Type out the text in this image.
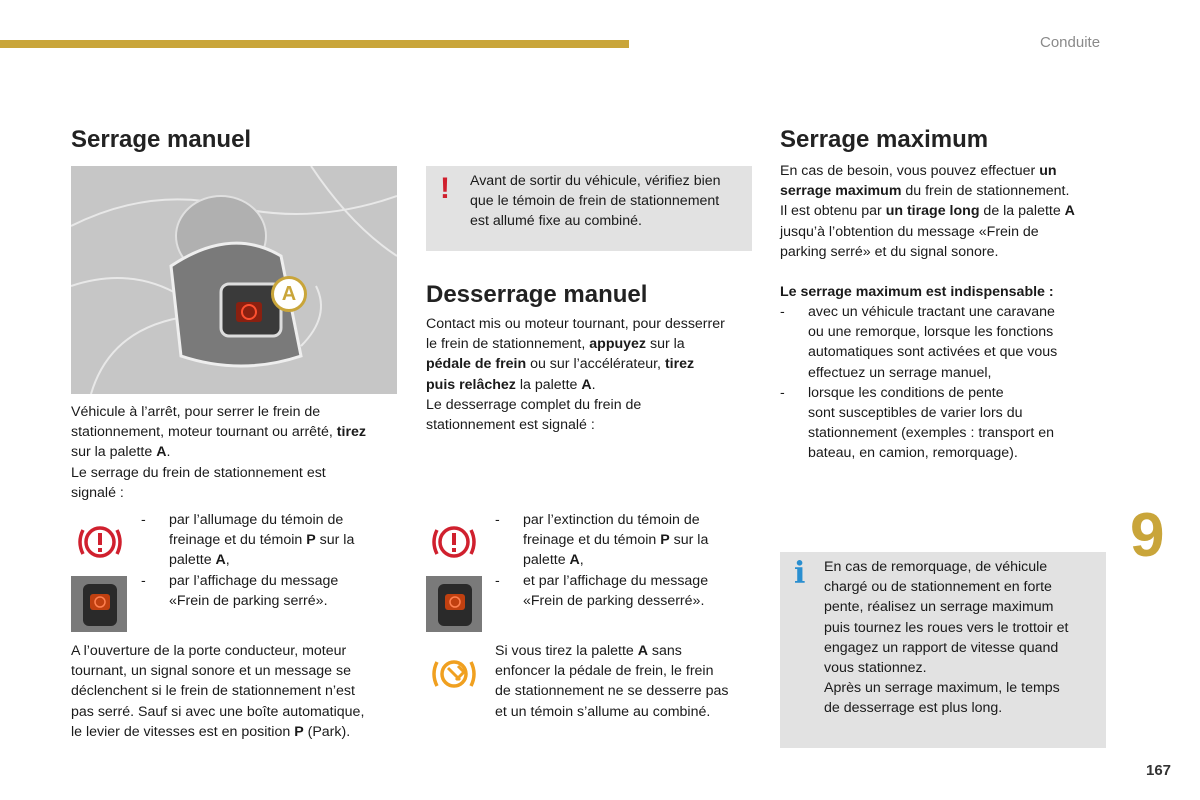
Conduite
Serrage manuel
A
Véhicule à l’arrêt, pour serrer le frein de
stationnement, moteur tournant ou arrêté, tirez
sur la palette A.
Le serrage du frein de stationnement est
signalé :
- par l’allumage du témoin de
freinage et du témoin P sur la
palette A,
- par l’affichage du message
«Frein de parking serré».
A l’ouverture de la porte conducteur, moteur
tournant, un signal sonore et un message se
déclenchent si le frein de stationnement n’est
pas serré. Sauf si avec une boîte automatique,
le levier de vitesses est en position P (Park).
! Avant de sortir du véhicule, vérifiez bien
que le témoin de frein de stationnement
est allumé fixe au combiné.
Desserrage manuel
Contact mis ou moteur tournant, pour desserrer
le frein de stationnement, appuyez sur la
pédale de frein ou sur l’accélérateur, tirez
puis relâchez la palette A.
Le desserrage complet du frein de
stationnement est signalé :
- par l’extinction du témoin de
freinage et du témoin P sur la
palette A,
- et par l’affichage du message
«Frein de parking desserré».
Si vous tirez la palette A sans
enfoncer la pédale de frein, le frein
de stationnement ne se desserre pas
et un témoin s’allume au combiné.
Serrage maximum
En cas de besoin, vous pouvez effectuer un
serrage maximum du frein de stationnement.
Il est obtenu par un tirage long de la palette A
jusqu’à l’obtention du message «Frein de
parking serré» et du signal sonore.
Le serrage maximum est indispensable :
- avec un véhicule tractant une caravane
ou une remorque, lorsque les fonctions
automatiques sont activées et que vous
effectuez un serrage manuel,
- lorsque les conditions de pente
sont susceptibles de varier lors du
stationnement (exemples : transport en
bateau, en camion, remorquage).
i En cas de remorquage, de véhicule
chargé ou de stationnement en forte
pente, réalisez un serrage maximum
puis tournez les roues vers le trottoir et
engagez un rapport de vitesse quand
vous stationnez.
Après un serrage maximum, le temps
de desserrage est plus long.
9
167
